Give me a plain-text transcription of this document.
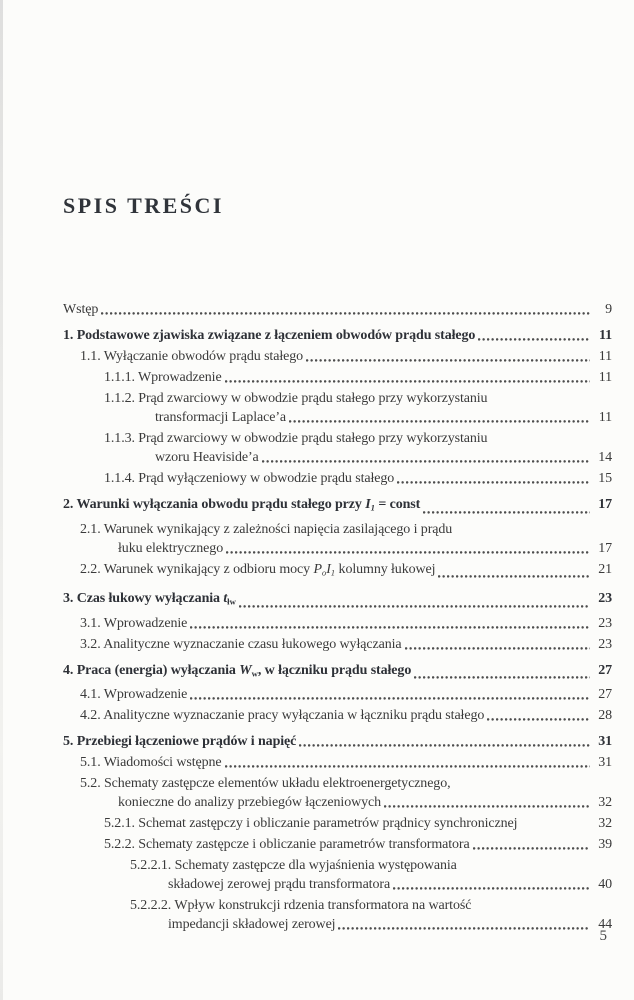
SPIS TREŚCI
Wstęp	9
1. Podstawowe zjawiska związane z łączeniem obwodów prądu stałego	11
1.1. Wyłączanie obwodów prądu stałego	11
1.1.1. Wprowadzenie	11
1.1.2. Prąd zwarciowy w obwodzie prądu stałego przy wykorzystaniu
transformacji Laplace’a	11
1.1.3. Prąd zwarciowy w obwodzie prądu stałego przy wykorzystaniu
wzoru Heaviside’a	14
1.1.4. Prąd wyłączeniowy w obwodzie prądu stałego	15
2. Warunki wyłączania obwodu prądu stałego przy I1 = const	17
2.1. Warunek wynikający z zależności napięcia zasilającego i prądu
łuku elektrycznego	17
2.2. Warunek wynikający z odbioru mocy PoI1 kolumny łukowej	21
3. Czas łukowy wyłączania tłw	23
3.1. Wprowadzenie	23
3.2. Analityczne wyznaczanie czasu łukowego wyłączania	23
4. Praca (energia) wyłączania Ww, w łączniku prądu stałego	27
4.1. Wprowadzenie	27
4.2. Analityczne wyznaczanie pracy wyłączania w łączniku prądu stałego	28
5. Przebiegi łączeniowe prądów i napięć	31
5.1. Wiadomości wstępne	31
5.2. Schematy zastępcze elementów układu elektroenergetycznego,
konieczne do analizy przebiegów łączeniowych	32
5.2.1. Schemat zastępczy i obliczanie parametrów prądnicy synchronicznej	32
5.2.2. Schematy zastępcze i obliczanie parametrów transformatora	39
5.2.2.1. Schematy zastępcze dla wyjaśnienia występowania
składowej zerowej prądu transformatora	40
5.2.2.2. Wpływ konstrukcji rdzenia transformatora na wartość
impedancji składowej zerowej	44
5
